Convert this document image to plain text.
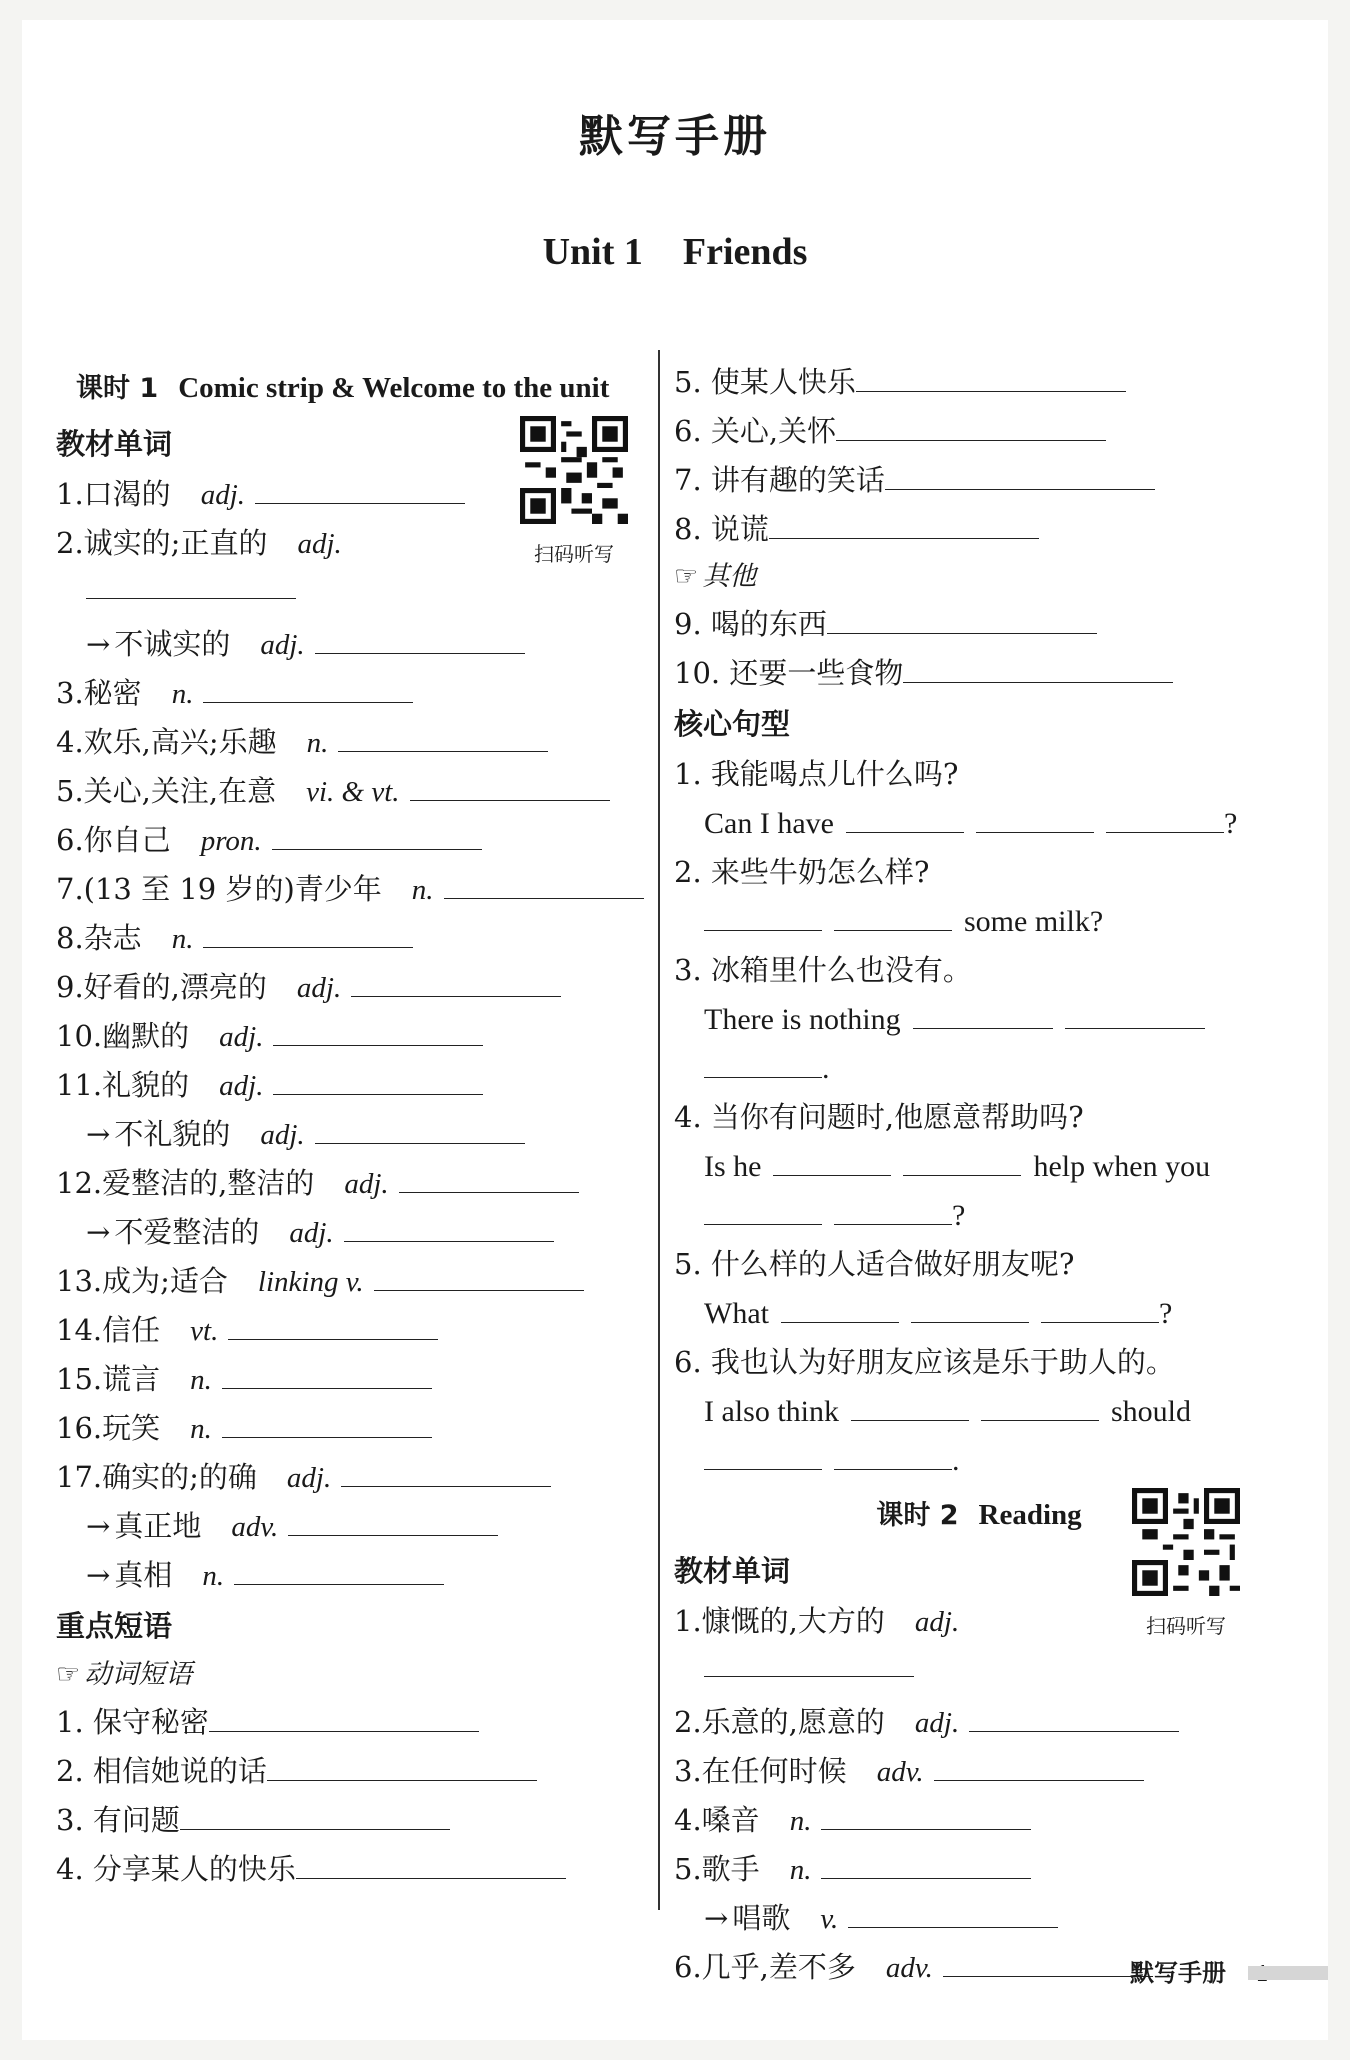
默写手册
Unit 1 Friends
课时 1 Comic strip & Welcome to the unit
教材单词
1. 口渴的 adj.
2. 诚实的;正直的 adj.
→ 不诚实的 adj.
3. 秘密 n.
4. 欢乐,高兴;乐趣 n.
5. 关心,关注,在意 vi. & vt.
6. 你自己 pron.
7. (13 至 19 岁的)青少年 n.
8. 杂志 n.
9. 好看的,漂亮的 adj.
10. 幽默的 adj.
11. 礼貌的 adj.
→ 不礼貌的 adj.
12. 爱整洁的,整洁的 adj.
→ 不爱整洁的 adj.
13. 成为;适合 linking v.
14. 信任 vt.
15. 谎言 n.
16. 玩笑 n.
17. 确实的;的确 adj.
→ 真正地 adv.
→ 真相 n.
重点短语
☞ 动词短语
1. 保守秘密
2. 相信她说的话
3. 有问题
4. 分享某人的快乐
扫码听写
5. 使某人快乐
6. 关心,关怀
7. 讲有趣的笑话
8. 说谎
☞ 其他
9. 喝的东西
10. 还要一些食物
核心句型
1. 我能喝点儿什么吗?
Can I have	?
2. 来些牛奶怎么样?
some milk?
3. 冰箱里什么也没有。
There is nothing
.
4. 当你有问题时,他愿意帮助吗?
Is he	help when you
?
5. 什么样的人适合做好朋友呢?
What	?
6. 我也认为好朋友应该是乐于助人的。
I also think	should
.
课时 2 Reading
教材单词
1. 慷慨的,大方的 adj.
2. 乐意的,愿意的 adj.
3. 在任何时候 adv.
4. 嗓音 n.
5. 歌手 n.
→ 唱歌 v.
6. 几乎,差不多 adv.
扫码听写
默写手册
